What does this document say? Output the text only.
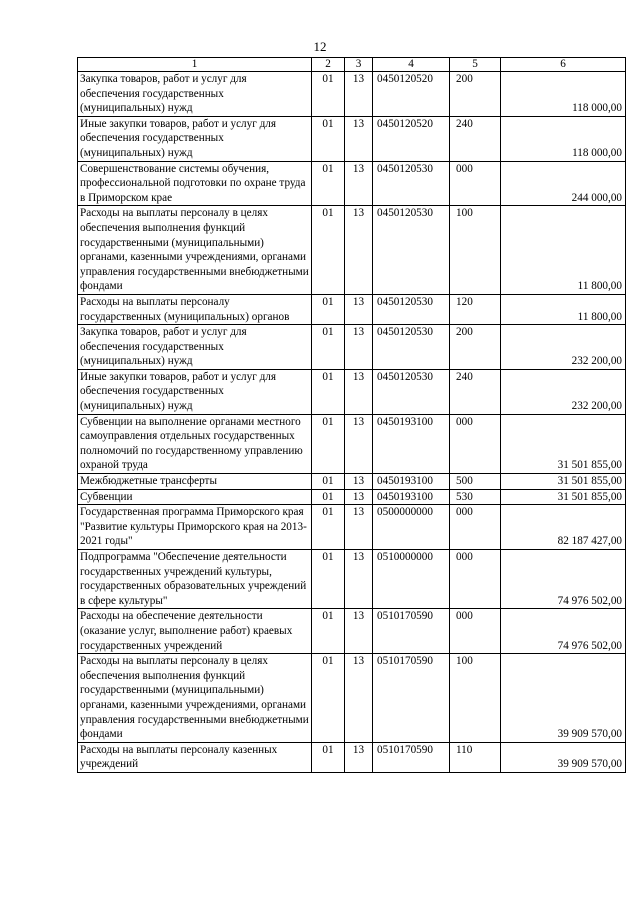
12
1	2	3	4	5	6
Закупка товаров, работ и услуг для обеспечения государственных (муниципальных) нужд	01	13	0450120520	200	118 000,00
Иные закупки товаров, работ и услуг для обеспечения государственных (муниципальных) нужд	01	13	0450120520	240	118 000,00
Совершенствование системы обучения, профессиональной подготовки по охране труда в Приморском крае	01	13	0450120530	000	244 000,00
Расходы на выплаты персоналу в целях обеспечения выполнения функций государственными (муниципальными) органами, казенными учреждениями, органами управления государственными внебюджетными фондами	01	13	0450120530	100	11 800,00
Расходы на выплаты персоналу государственных (муниципальных) органов	01	13	0450120530	120	11 800,00
Закупка товаров, работ и услуг для обеспечения государственных (муниципальных) нужд	01	13	0450120530	200	232 200,00
Иные закупки товаров, работ и услуг для обеспечения государственных (муниципальных) нужд	01	13	0450120530	240	232 200,00
Субвенции на выполнение органами местного самоуправления отдельных государственных полномочий по государственному управлению охраной труда	01	13	0450193100	000	31 501 855,00
Межбюджетные трансферты	01	13	0450193100	500	31 501 855,00
Субвенции	01	13	0450193100	530	31 501 855,00
Государственная программа Приморского края "Развитие культуры Приморского края на 2013-2021 годы"	01	13	0500000000	000	82 187 427,00
Подпрограмма "Обеспечение деятельности государственных учреждений культуры, государственных образовательных учреждений в сфере культуры"	01	13	0510000000	000	74 976 502,00
Расходы на обеспечение деятельности (оказание услуг, выполнение работ) краевых государственных учреждений	01	13	0510170590	000	74 976 502,00
Расходы на выплаты персоналу в целях обеспечения выполнения функций государственными (муниципальными) органами, казенными учреждениями, органами управления государственными внебюджетными фондами	01	13	0510170590	100	39 909 570,00
Расходы на выплаты персоналу казенных учреждений	01	13	0510170590	110	39 909 570,00
